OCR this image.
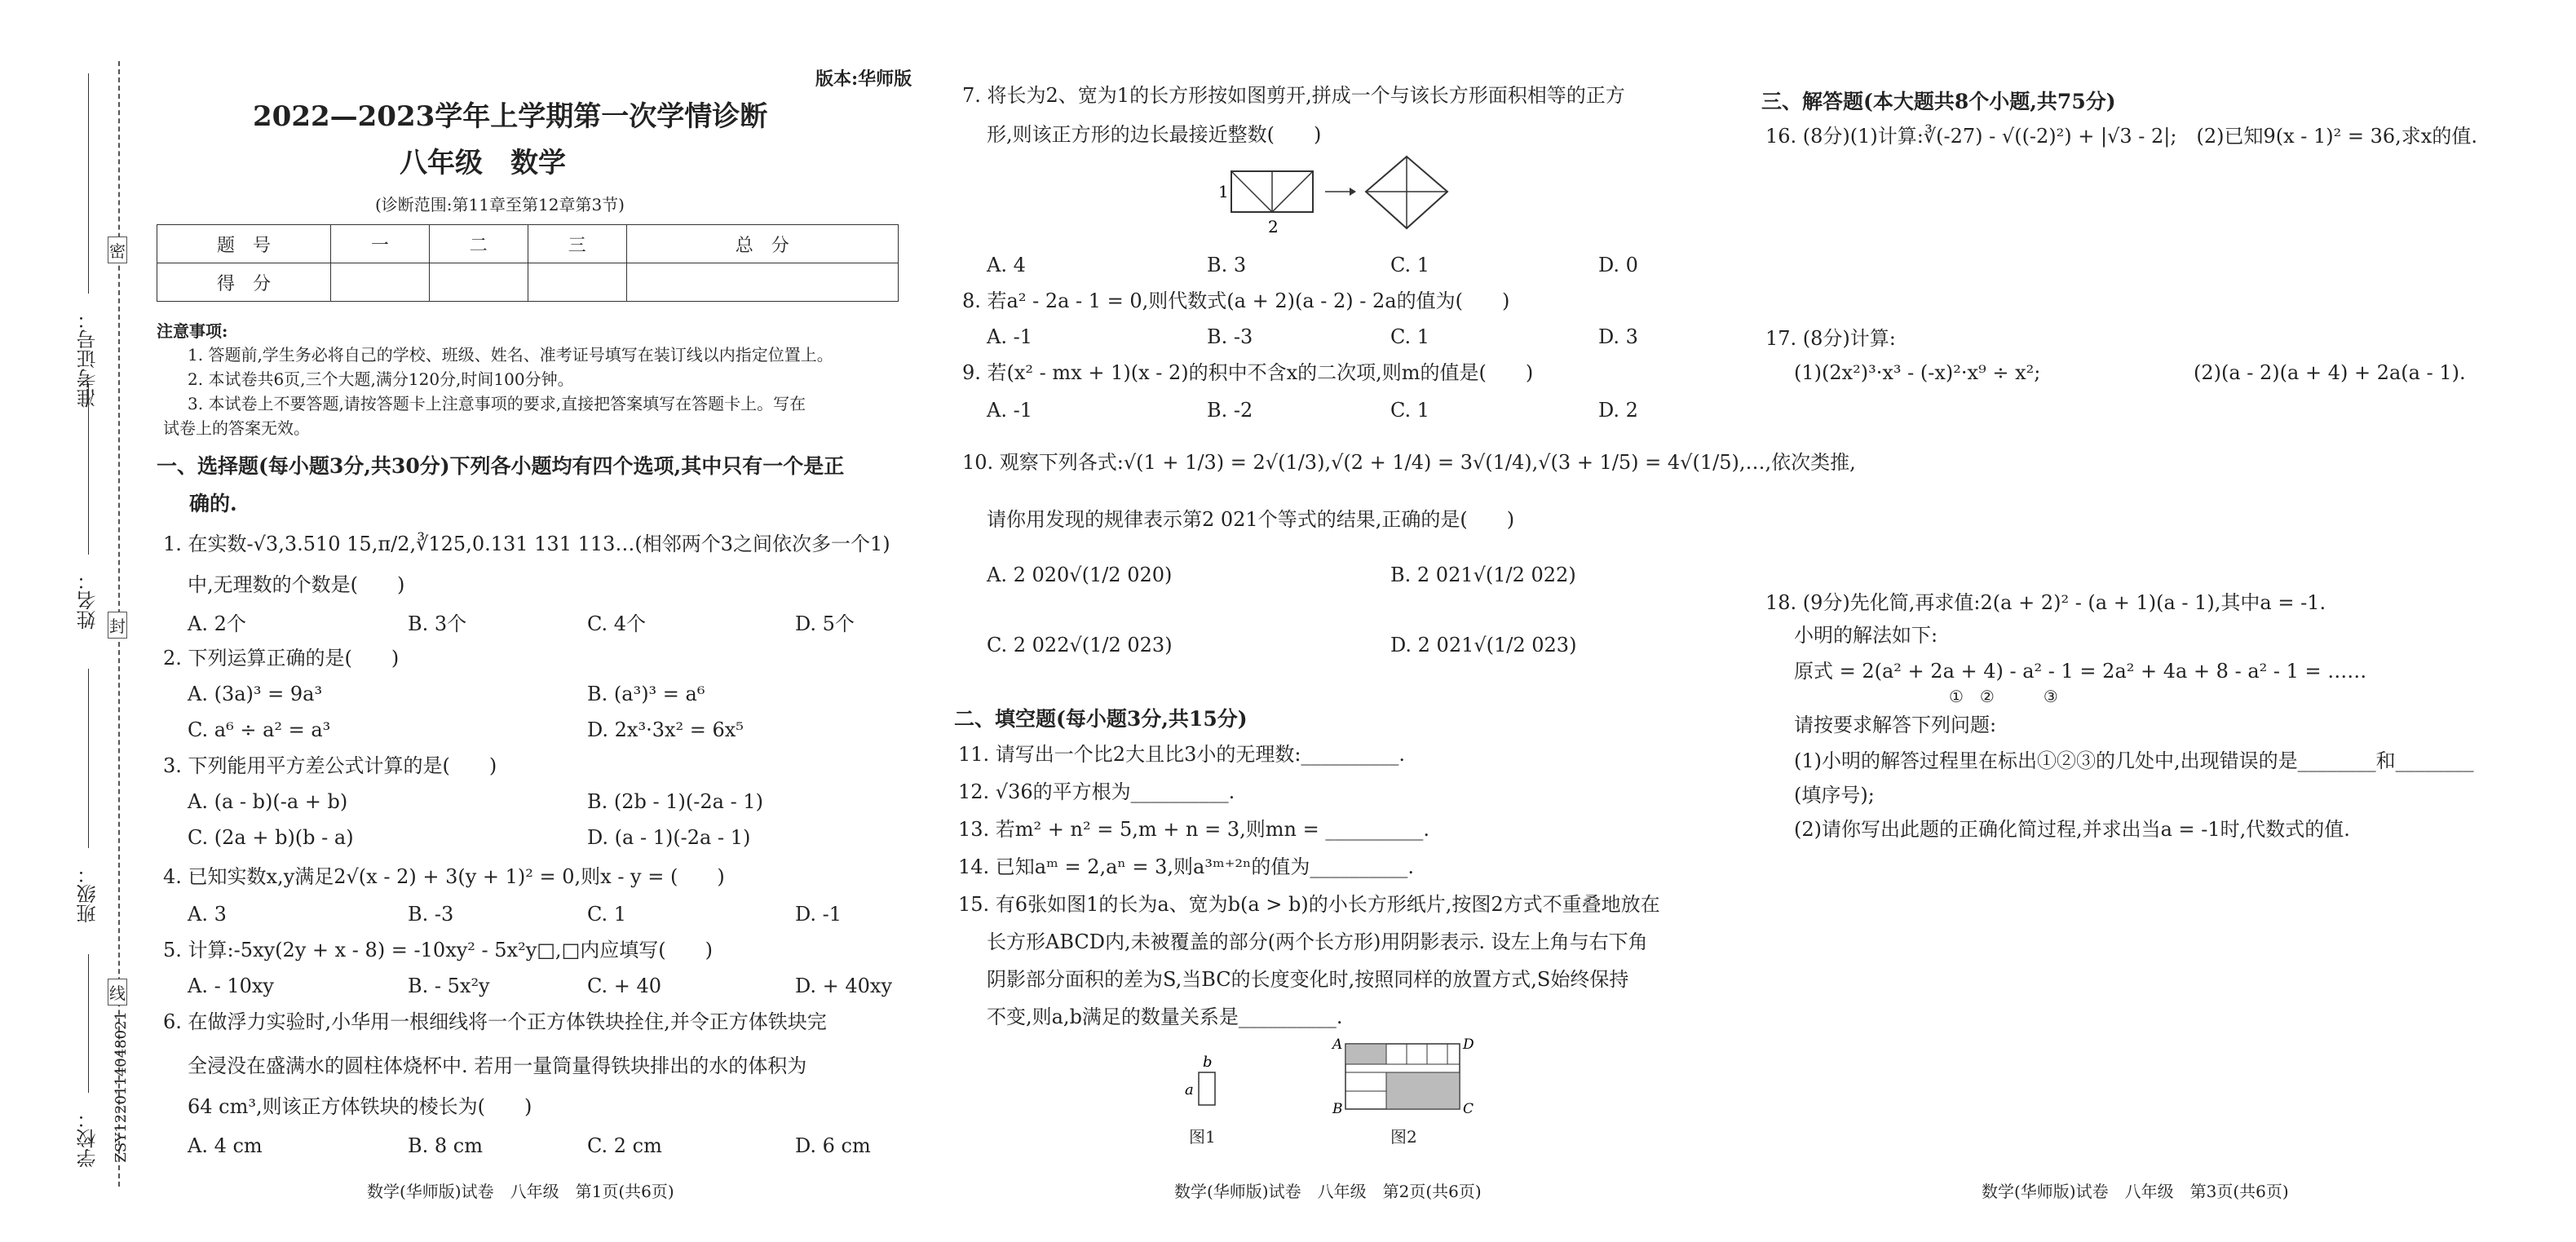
准考证号：
姓名：
班级：
学校：
密
封
线
ZSY1220114048021
版本:华师版
2022—2023学年上学期第一次学情诊断
八年级　数学
(诊断范围:第11章至第12章第3节)
题　号	一	二	三	总　分
得　分				
注意事项:
1. 答题前,学生务必将自己的学校、班级、姓名、准考证号填写在装订线以内指定位置上。
2. 本试卷共6页,三个大题,满分120分,时间100分钟。
3. 本试卷上不要答题,请按答题卡上注意事项的要求,直接把答案填写在答题卡上。写在
试卷上的答案无效。
一、选择题(每小题3分,共30分)下列各小题均有四个选项,其中只有一个是正
确的.
1. 在实数-√3,3.510 15,π/2,∛125,0.131 131 113…(相邻两个3之间依次多一个1)
中,无理数的个数是(　　)
A. 2个	B. 3个	C. 4个	D. 5个
2. 下列运算正确的是(　　)
A. (3a)³ = 9a³	B. (a³)³ = a⁶
C. a⁶ ÷ a² = a³	D. 2x³·3x² = 6x⁵
3. 下列能用平方差公式计算的是(　　)
A. (a - b)(-a + b)	B. (2b - 1)(-2a - 1)
C. (2a + b)(b - a)	D. (a - 1)(-2a - 1)
4. 已知实数x,y满足2√(x - 2) + 3(y + 1)² = 0,则x - y = (　　)
A. 3	B. -3	C. 1	D. -1
5. 计算:-5xy(2y + x - 8) = -10xy² - 5x²y□,□内应填写(　　)
A. - 10xy	B. - 5x²y	C. + 40	D. + 40xy
6. 在做浮力实验时,小华用一根细线将一个正方体铁块拴住,并令正方体铁块完
全浸没在盛满水的圆柱体烧杯中. 若用一量筒量得铁块排出的水的体积为
64 cm³,则该正方体铁块的棱长为(　　)
A. 4 cm	B. 8 cm	C. 2 cm	D. 6 cm
数学(华师版)试卷　八年级　第1页(共6页)
7. 将长为2、宽为1的长方形按如图剪开,拼成一个与该长方形面积相等的正方
形,则该正方形的边长最接近整数(　　)
1
2
A. 4	B. 3	C. 1	D. 0
8. 若a² - 2a - 1 = 0,则代数式(a + 2)(a - 2) - 2a的值为(　　)
A. -1	B. -3	C. 1	D. 3
9. 若(x² - mx + 1)(x - 2)的积中不含x的二次项,则m的值是(　　)
A. -1	B. -2	C. 1	D. 2
10. 观察下列各式:√(1 + 1/3) = 2√(1/3),√(2 + 1/4) = 3√(1/4),√(3 + 1/5) = 4√(1/5),…,依次类推,
请你用发现的规律表示第2 021个等式的结果,正确的是(　　)
A. 2 020√(1/2 020)	B. 2 021√(1/2 022)
C. 2 022√(1/2 023)	D. 2 021√(1/2 023)
二、填空题(每小题3分,共15分)
11. 请写出一个比2大且比3小的无理数:__________.
12. √36的平方根为__________.
13. 若m² + n² = 5,m + n = 3,则mn = __________.
14. 已知aᵐ = 2,aⁿ = 3,则a³ᵐ⁺²ⁿ的值为__________.
15. 有6张如图1的长为a、宽为b(a > b)的小长方形纸片,按图2方式不重叠地放在
长方形ABCD内,未被覆盖的部分(两个长方形)用阴影表示. 设左上角与右下角
阴影部分面积的差为S,当BC的长度变化时,按照同样的放置方式,S始终保持
不变,则a,b满足的数量关系是__________.
b
a
图1
A	D
B	C
图2
数学(华师版)试卷　八年级　第2页(共6页)
三、解答题(本大题共8个小题,共75分)
16. (8分)(1)计算:∛(-27) - √((-2)²) + |√3 - 2|;　(2)已知9(x - 1)² = 36,求x的值.
17. (8分)计算:
(1)(2x²)³·x³ - (-x)²·x⁹ ÷ x²;	(2)(a - 2)(a + 4) + 2a(a - 1).
18. (9分)先化简,再求值:2(a + 2)² - (a + 1)(a - 1),其中a = -1.
小明的解法如下:
原式 = 2(a² + 2a + 4) - a² - 1 = 2a² + 4a + 8 - a² - 1 = ……
①　②　　　③
请按要求解答下列问题:
(1)小明的解答过程里在标出①②③的几处中,出现错误的是________和________
(填序号);
(2)请你写出此题的正确化简过程,并求出当a = -1时,代数式的值.
数学(华师版)试卷　八年级　第3页(共6页)
